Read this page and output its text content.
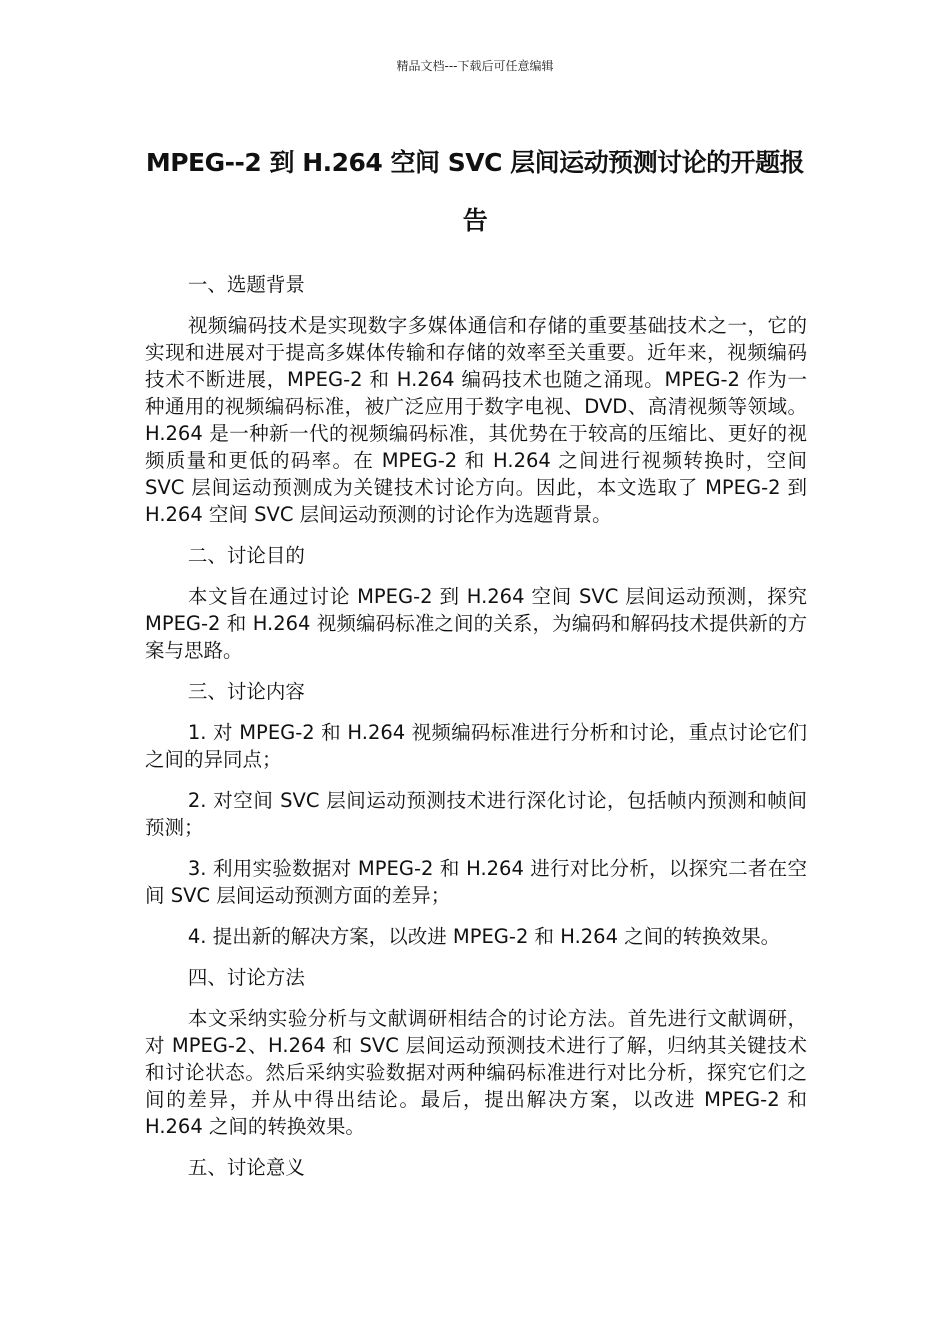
精品文档---下载后可任意编辑
MPEG--2 到 H.264 空间 SVC 层间运动预测讨论的开题报告
一、选题背景

视频编码技术是实现数字多媒体通信和存储的重要基础技术之一，它的实现和进展对于提高多媒体传输和存储的效率至关重要。近年来，视频编码技术不断进展，MPEG-2 和 H.264 编码技术也随之涌现。MPEG-2 作为一种通用的视频编码标准，被广泛应用于数字电视、DVD、高清视频等领域。H.264 是一种新一代的视频编码标准，其优势在于较高的压缩比、更好的视频质量和更低的码率。在 MPEG-2 和 H.264 之间进行视频转换时，空间 SVC 层间运动预测成为关键技术讨论方向。因此，本文选取了 MPEG-2 到 H.264 空间 SVC 层间运动预测的讨论作为选题背景。

二、讨论目的

本文旨在通过讨论 MPEG-2 到 H.264 空间 SVC 层间运动预测，探究 MPEG-2 和 H.264 视频编码标准之间的关系，为编码和解码技术提供新的方案与思路。

三、讨论内容

1. 对 MPEG-2 和 H.264 视频编码标准进行分析和讨论，重点讨论它们之间的异同点；

2. 对空间 SVC 层间运动预测技术进行深化讨论，包括帧内预测和帧间预测；

3. 利用实验数据对 MPEG-2 和 H.264 进行对比分析，以探究二者在空间 SVC 层间运动预测方面的差异；

4. 提出新的解决方案，以改进 MPEG-2 和 H.264 之间的转换效果。

四、讨论方法

本文采纳实验分析与文献调研相结合的讨论方法。首先进行文献调研，对 MPEG-2、H.264 和 SVC 层间运动预测技术进行了解，归纳其关键技术和讨论状态。然后采纳实验数据对两种编码标准进行对比分析，探究它们之间的差异，并从中得出结论。最后，提出解决方案，以改进 MPEG-2 和 H.264 之间的转换效果。

五、讨论意义
